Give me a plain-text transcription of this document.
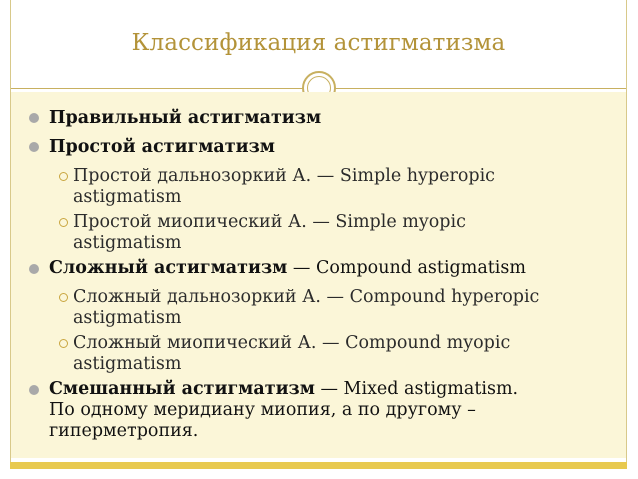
Классификация астигматизма
Правильный астигматизм
Простой астигматизм
Простой дальнозоркий А. — Simple hyperopic
astigmatism
Простой миопический А. — Simple myopic
astigmatism
Сложный астигматизм — Compound astigmatism
Сложный дальнозоркий А. — Compound hyperopic
astigmatism
Сложный миопический А. — Compound myopic
astigmatism
Смешанный астигматизм — Mixed astigmatism.
По одному меридиану миопия, а по другому –
гиперметропия.
